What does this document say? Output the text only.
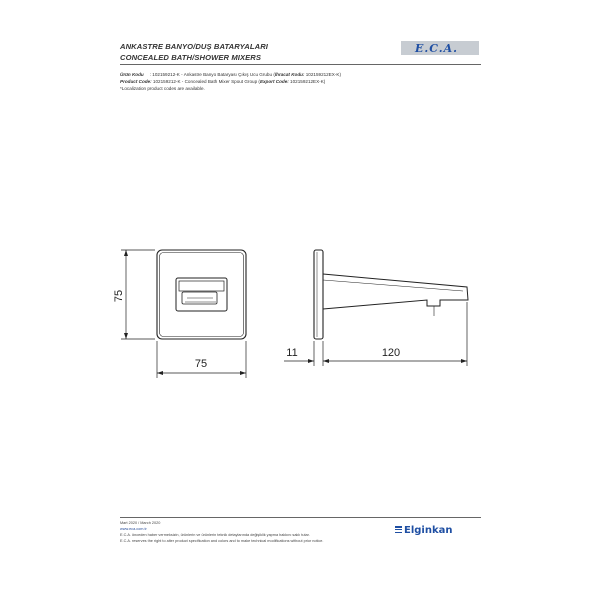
ANKASTRE BANYO/DUŞ BATARYALARI
CONCEALED BATH/SHOWER MIXERS
E.C.A.
Ürün Kodu : 102159212-K - Ankastre Banyo Bataryası Çıkış Ucu Grubu (İhracat Kodu: 102159212EX-K)
Product Code: 102159212-K - Concealed Bath Mixer Spout Group (Export Code: 102159212EX-K)
*Localization product codes are available.
75
75
11	120
Mart 2020 / March 2020
www.eca.com.tr
E.C.A. önceden haber vermeksizin, ürünlerin ve ürünlerin teknik detaylarında değişiklik yapma hakkını saklı tutar.
E.C.A. reserves the right to alter product specification and colors and to make technical modifications without prior notice.
Elginkan
